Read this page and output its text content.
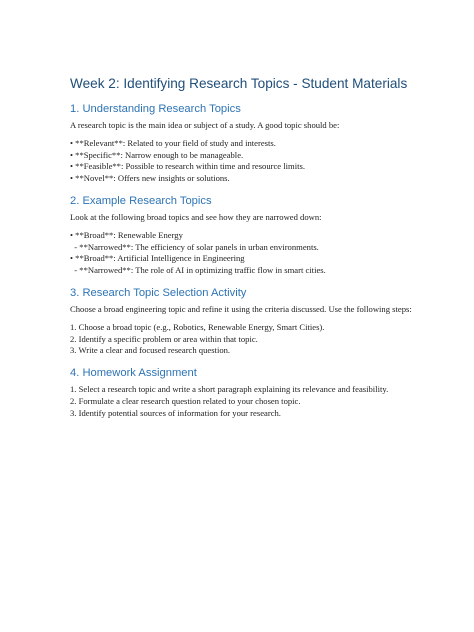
Week 2: Identifying Research Topics - Student Materials
1. Understanding Research Topics

A research topic is the main idea or subject of a study. A good topic should be:

• **Relevant**: Related to your field of study and interests.
• **Specific**: Narrow enough to be manageable.
• **Feasible**: Possible to research within time and resource limits.
• **Novel**: Offers new insights or solutions.
2. Example Research Topics

Look at the following broad topics and see how they are narrowed down:

• **Broad**: Renewable Energy
- **Narrowed**: The efficiency of solar panels in urban environments.
• **Broad**: Artificial Intelligence in Engineering
- **Narrowed**: The role of AI in optimizing traffic flow in smart cities.
3. Research Topic Selection Activity

Choose a broad engineering topic and refine it using the criteria discussed. Use the following steps:

1. Choose a broad topic (e.g., Robotics, Renewable Energy, Smart Cities).
2. Identify a specific problem or area within that topic.
3. Write a clear and focused research question.
4. Homework Assignment
1. Select a research topic and write a short paragraph explaining its relevance and feasibility.
2. Formulate a clear research question related to your chosen topic.
3. Identify potential sources of information for your research.
